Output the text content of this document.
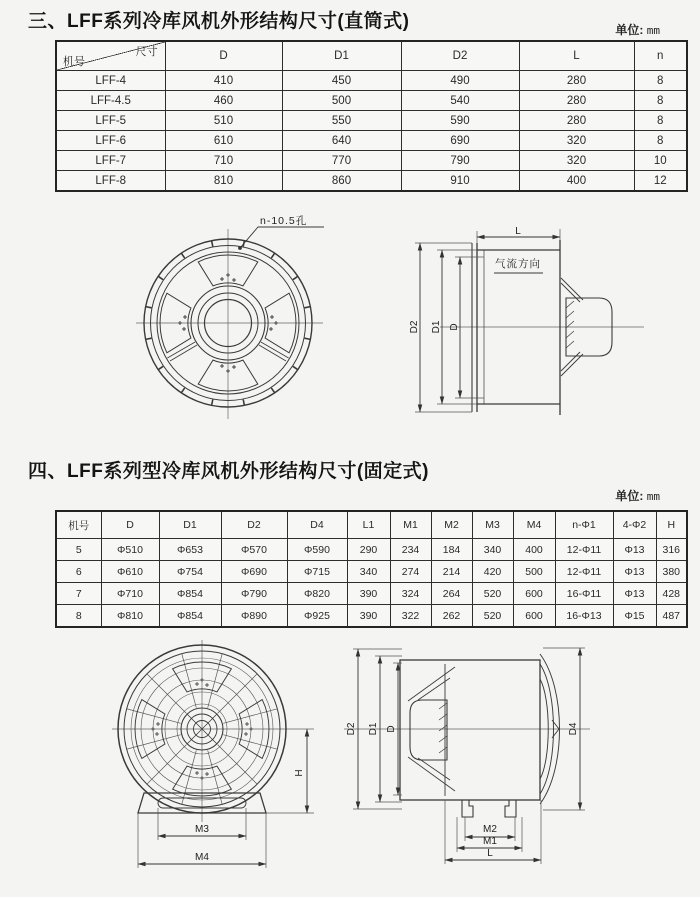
三、LFF系列冷库风机外形结构尺寸(直筒式)	单位: mm
尺寸
机号	D	D1	D2	L	n
LFF-4	410	450	490	280	8
LFF-4.5	460	500	540	280	8
LFF-5	510	550	590	280	8
LFF-6	610	640	690	320	8
LFF-7	710	770	790	320	10
LFF-8	810	860	910	400	12
n-10.5孔
气流方向
D2 D1 D
L
四、LFF系列型冷库风机外形结构尺寸(固定式)
单位: mm
机号	D	D1	D2	D4	L1	M1	M2	M3	M4	n-Φ1	4-Φ2	H
5	Φ510	Φ653	Φ570	Φ590	290	234	184	340	400	12-Φ11	Φ13	316
6	Φ610	Φ754	Φ690	Φ715	340	274	214	420	500	12-Φ11	Φ13	380
7	Φ710	Φ854	Φ790	Φ820	390	324	264	520	600	16-Φ11	Φ13	428
8	Φ810	Φ854	Φ890	Φ925	390	322	262	520	600	16-Φ13	Φ15	487
M3
M4
H
D2 D1 D	D4
M2
M1
L
